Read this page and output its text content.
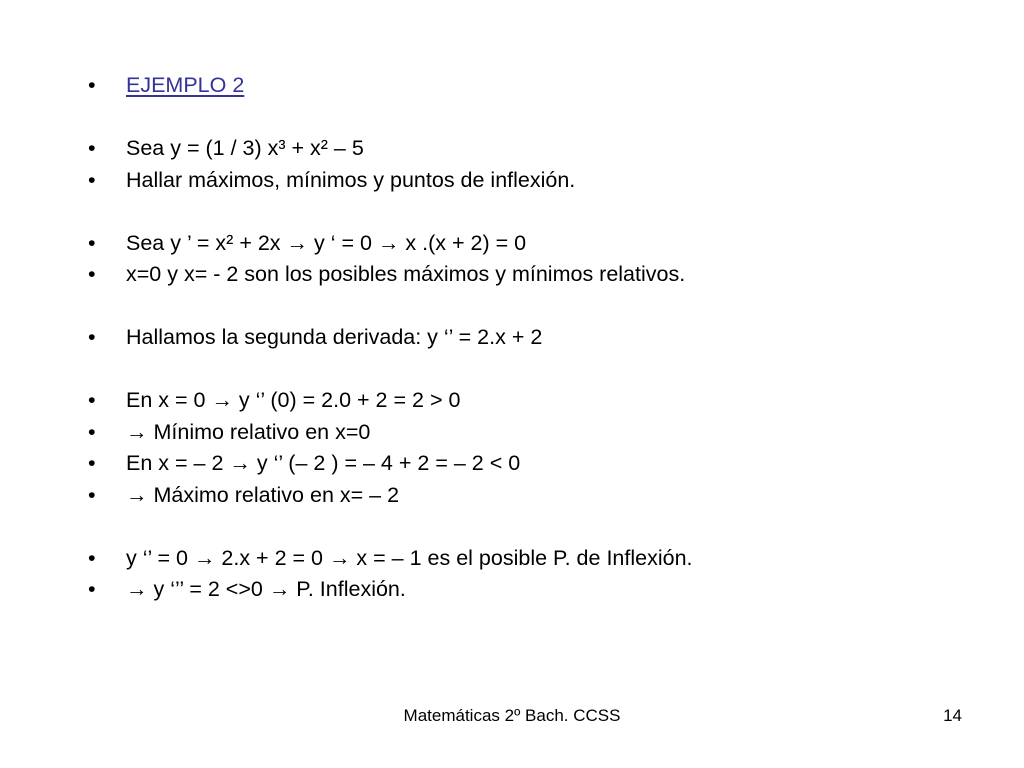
• EJEMPLO 2
• Sea y = (1 / 3) x³ + x² – 5
• Hallar máximos, mínimos y puntos de inflexión.
• Sea y ’ = x² + 2x → y ‘ = 0 → x .(x + 2) = 0
• x=0 y x= - 2 son los posibles máximos y mínimos relativos.
• Hallamos la segunda derivada: y ‘’ = 2.x + 2
• En x = 0 → y ‘’ (0) = 2.0 + 2 = 2 > 0
• → Mínimo relativo en x=0
• En x = – 2 → y ‘’ (– 2 ) = – 4 + 2 = – 2 < 0
• → Máximo relativo en x= – 2
• y ‘’ = 0 → 2.x + 2 = 0 → x = – 1 es el posible P. de Inflexión.
• → y ‘’’ = 2 <>0 → P. Inflexión.
Matemáticas 2º Bach. CCSS	14
